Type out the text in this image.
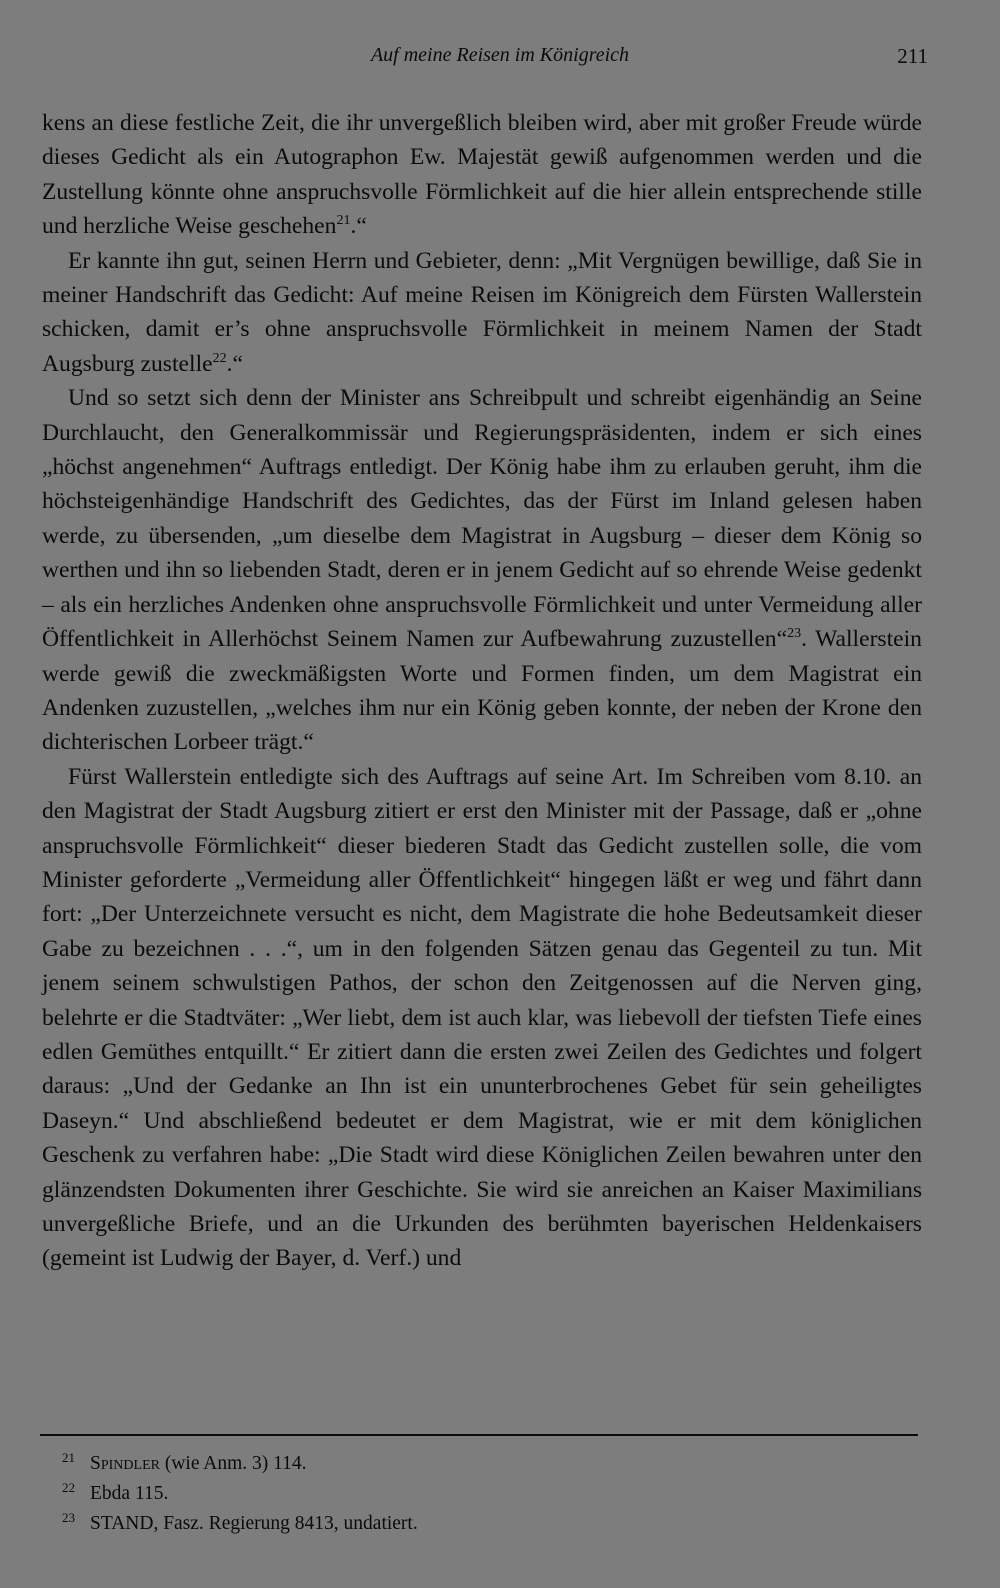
Auf meine Reisen im Königreich	211

kens an diese festliche Zeit, die ihr unvergeßlich bleiben wird, aber mit großer Freude würde dieses Gedicht als ein Autographon Ew. Majestät gewiß aufgenommen werden und die Zustellung könnte ohne anspruchsvolle Förmlichkeit auf die hier allein entsprechende stille und herzliche Weise geschehen$^{21}$.“

Er kannte ihn gut, seinen Herrn und Gebieter, denn: „Mit Vergnügen bewillige, daß Sie in meiner Handschrift das Gedicht: Auf meine Reisen im Königreich dem Fürsten Wallerstein schicken, damit er’s ohne anspruchsvolle Förmlichkeit in meinem Namen der Stadt Augsburg zustelle$^{22}$.“

Und so setzt sich denn der Minister ans Schreibpult und schreibt eigenhändig an Seine Durchlaucht, den Generalkommissär und Regierungspräsidenten, indem er sich eines „höchst angenehmen“ Auftrags entledigt. Der König habe ihm zu erlauben geruht, ihm die höchsteigenhändige Handschrift des Gedichtes, das der Fürst im Inland gelesen haben werde, zu übersenden, „um dieselbe dem Magistrat in Augsburg – dieser dem König so werthen und ihn so liebenden Stadt, deren er in jenem Gedicht auf so ehrende Weise gedenkt – als ein herzliches Andenken ohne anspruchsvolle Förmlichkeit und unter Vermeidung aller Öffentlichkeit in Allerhöchst Seinem Namen zur Aufbewahrung zuzustellen“$^{23}$. Wallerstein werde gewiß die zweckmäßigsten Worte und Formen finden, um dem Magistrat ein Andenken zuzustellen, „welches ihm nur ein König geben konnte, der neben der Krone den dichterischen Lorbeer trägt.“

Fürst Wallerstein entledigte sich des Auftrags auf seine Art. Im Schreiben vom 8.10. an den Magistrat der Stadt Augsburg zitiert er erst den Minister mit der Passage, daß er „ohne anspruchsvolle Förmlichkeit“ dieser biederen Stadt das Gedicht zustellen solle, die vom Minister geforderte „Vermeidung aller Öffentlichkeit“ hingegen läßt er weg und fährt dann fort: „Der Unterzeichnete versucht es nicht, dem Magistrate die hohe Bedeutsamkeit dieser Gabe zu bezeichnen . . .“, um in den folgenden Sätzen genau das Gegenteil zu tun. Mit jenem seinem schwulstigen Pathos, der schon den Zeitgenossen auf die Nerven ging, belehrte er die Stadtväter: „Wer liebt, dem ist auch klar, was liebevoll der tiefsten Tiefe eines edlen Gemüthes entquillt.“ Er zitiert dann die ersten zwei Zeilen des Gedichtes und folgert daraus: „Und der Gedanke an Ihn ist ein ununterbrochenes Gebet für sein geheiligtes Daseyn.“ Und abschließend bedeutet er dem Magistrat, wie er mit dem königlichen Geschenk zu verfahren habe: „Die Stadt wird diese Königlichen Zeilen bewahren unter den glänzendsten Dokumenten ihrer Geschichte. Sie wird sie anreichen an Kaiser Maximilians unvergeßliche Briefe, und an die Urkunden des berühmten bayerischen Heldenkaisers (gemeint ist Ludwig der Bayer, d. Verf.) und

21 Spindler (wie Anm. 3) 114.
22 Ebda 115.
23 STAND, Fasz. Regierung 8413, undatiert.
